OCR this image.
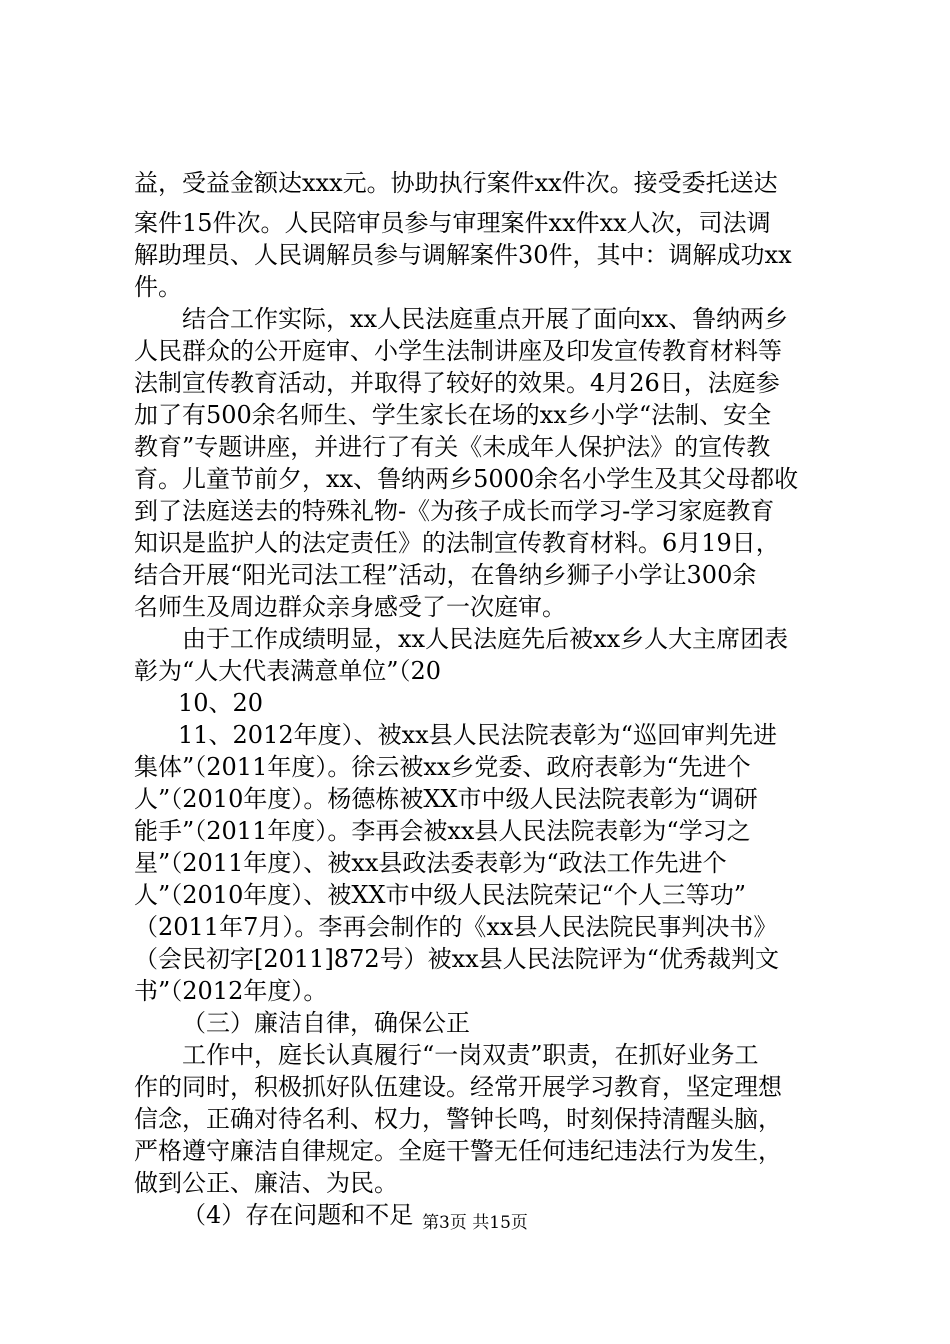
益，受益金额达xxx元。协助执行案件xx件次。接受委托送达
案件15件次。人民陪审员参与审理案件xx件xx人次，司法调
解助理员、人民调解员参与调解案件30件，其中：调解成功xx
件。
结合工作实际，xx人民法庭重点开展了面向xx、鲁纳两乡
人民群众的公开庭审、小学生法制讲座及印发宣传教育材料等
法制宣传教育活动，并取得了较好的效果。4月26日，法庭参
加了有500余名师生、学生家长在场的xx乡小学“法制、安全
教育”专题讲座，并进行了有关《未成年人保护法》的宣传教
育。儿童节前夕，xx、鲁纳两乡5000余名小学生及其父母都收
到了法庭送去的特殊礼物-《为孩子成长而学习-学习家庭教育
知识是监护人的法定责任》的法制宣传教育材料。6月19日，
结合开展“阳光司法工程”活动，在鲁纳乡狮子小学让300余
名师生及周边群众亲身感受了一次庭审。
由于工作成绩明显，xx人民法庭先后被xx乡人大主席团表
彰为“人大代表满意单位”（20
10、20
11、2012年度）、被xx县人民法院表彰为“巡回审判先进
集体”（2011年度）。徐云被xx乡党委、政府表彰为“先进个
人”（2010年度）。杨德栋被XX市中级人民法院表彰为“调研
能手”（2011年度）。李再会被xx县人民法院表彰为“学习之
星”（2011年度）、被xx县政法委表彰为“政法工作先进个
人”（2010年度）、被XX市中级人民法院荣记“个人三等功”
（2011年7月）。李再会制作的《xx县人民法院民事判决书》
（会民初字[2011]872号）被xx县人民法院评为“优秀裁判文
书”（2012年度）。
（三）廉洁自律，确保公正
工作中，庭长认真履行“一岗双责”职责，在抓好业务工
作的同时，积极抓好队伍建设。经常开展学习教育，坚定理想
信念，正确对待名利、权力，警钟长鸣，时刻保持清醒头脑，
严格遵守廉洁自律规定。全庭干警无任何违纪违法行为发生，
做到公正、廉洁、为民。
（4）存在问题和不足 第3页 共15页
